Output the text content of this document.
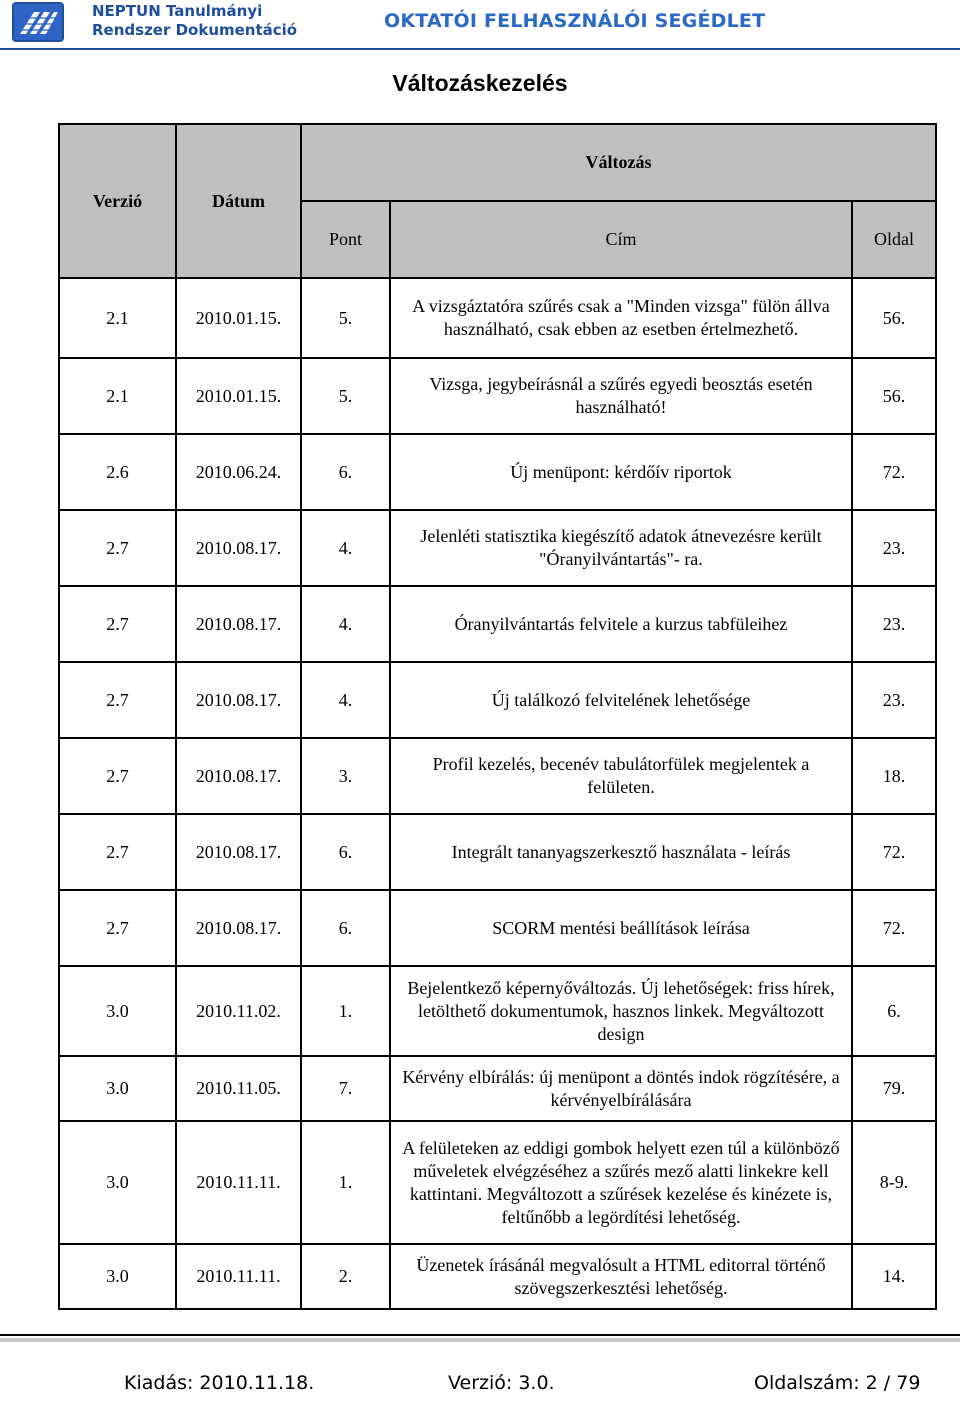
NEPTUN Tanulmányi
Rendszer Dokumentáció	OKTATÓI FELHASZNÁLÓI SEGÉDLET
Változáskezelés
Verzió	Dátum	Változás		
		Pont	Cím	Oldal
2.1	2010.01.15.	5.	A vizsgáztatóra szűrés csak a "Minden vizsga" fülön állva használható, csak ebben az esetben értelmezhető.	56.
2.1	2010.01.15.	5.	Vizsga, jegybeírásnál a szűrés egyedi beosztás esetén használható!	56.
2.6	2010.06.24.	6.	Új menüpont: kérdőív riportok	72.
2.7	2010.08.17.	4.	Jelenléti statisztika kiegészítő adatok átnevezésre került "Óranyilvántartás"- ra.	23.
2.7	2010.08.17.	4.	Óranyilvántartás felvitele a kurzus tabfüleihez	23.
2.7	2010.08.17.	4.	Új találkozó felvitelének lehetősége	23.
2.7	2010.08.17.	3.	Profil kezelés, becenév tabulátorfülek megjelentek a felületen.	18.
2.7	2010.08.17.	6.	Integrált tananyagszerkesztő használata - leírás	72.
2.7	2010.08.17.	6.	SCORM mentési beállítások leírása	72.
3.0	2010.11.02.	1.	Bejelentkező képernyőváltozás. Új lehetőségek: friss hírek, letölthető dokumentumok, hasznos linkek. Megváltozott design	6.
3.0	2010.11.05.	7.	Kérvény elbírálás: új menüpont a döntés indok rögzítésére, a kérvényelbírálására	79.
3.0	2010.11.11.	1.	A felületeken az eddigi gombok helyett ezen túl a különböző műveletek elvégzéséhez a szűrés mező alatti linkekre kell kattintani. Megváltozott a szűrések kezelése és kinézete is, feltűnőbb a legördítési lehetőség.	8-9.
3.0	2010.11.11.	2.	Üzenetek írásánál megvalósult a HTML editorral történő szövegszerkesztési lehetőség.	14.
Kiadás: 2010.11.18.	Verzió: 3.0.	Oldalszám: 2 / 79
